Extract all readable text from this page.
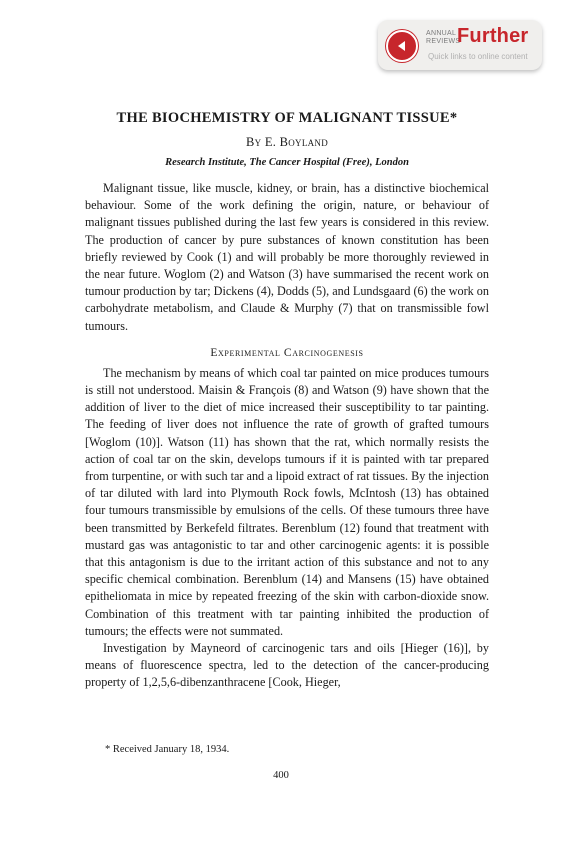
ANNUAL
REVIEWS
Further
Quick links to online content
THE BIOCHEMISTRY OF MALIGNANT TISSUE*
By E. Boyland
Research Institute, The Cancer Hospital (Free), London

Malignant tissue, like muscle, kidney, or brain, has a distinctive biochemical behaviour. Some of the work defining the origin, nature, or behaviour of malignant tissues published during the last few years is considered in this review. The production of cancer by pure substances of known constitution has been briefly reviewed by Cook (1) and will probably be more thoroughly reviewed in the near future. Woglom (2) and Watson (3) have summarised the recent work on tumour production by tar; Dickens (4), Dodds (5), and Lundsgaard (6) the work on carbohydrate metabolism, and Claude & Murphy (7) that on transmissible fowl tumours.

Experimental Carcinogenesis

The mechanism by means of which coal tar painted on mice produces tumours is still not understood. Maisin & François (8) and Watson (9) have shown that the addition of liver to the diet of mice increased their susceptibility to tar painting. The feeding of liver does not influence the rate of growth of grafted tumours [Woglom (10)]. Watson (11) has shown that the rat, which normally resists the action of coal tar on the skin, develops tumours if it is painted with tar prepared from turpentine, or with such tar and a lipoid extract of rat tissues. By the injection of tar diluted with lard into Plymouth Rock fowls, McIntosh (13) has obtained four tumours transmissible by emulsions of the cells. Of these tumours three have been transmitted by Berkefeld filtrates. Berenblum (12) found that treatment with mustard gas was antagonistic to tar and other carcinogenic agents: it is possible that this antagonism is due to the irritant action of this substance and not to any specific chemical combination. Berenblum (14) and Mansens (15) have obtained epitheliomata in mice by repeated freezing of the skin with carbon-dioxide snow. Combination of this treatment with tar painting inhibited the production of tumours; the effects were not summated.

Investigation by Mayneord of carcinogenic tars and oils [Hieger (16)], by means of fluorescence spectra, led to the detection of the cancer-producing property of 1,2,5,6-dibenzanthracene [Cook, Hieger,

* Received January 18, 1934.
400
